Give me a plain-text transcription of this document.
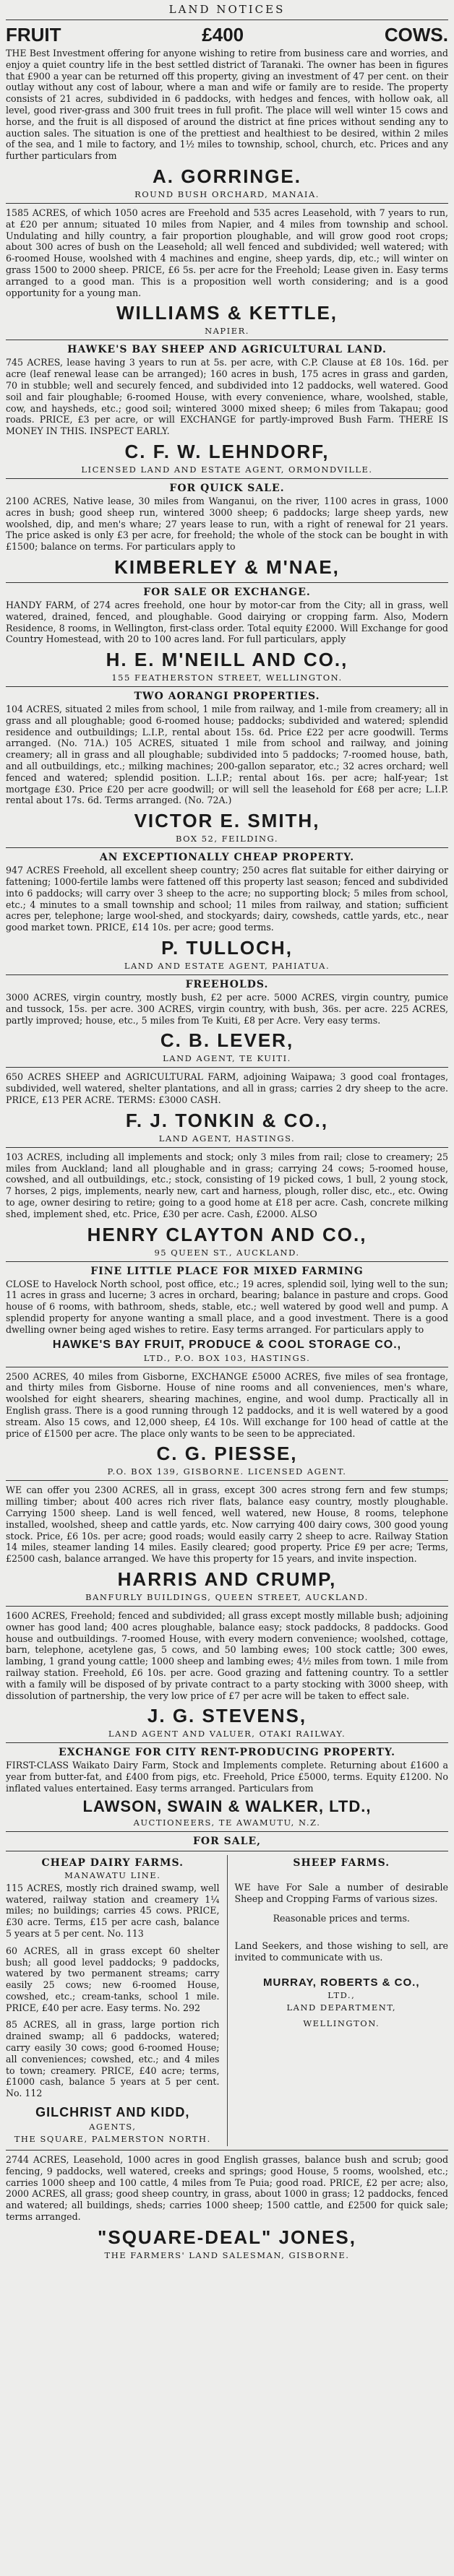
LAND NOTICES
FRUIT	£400	COWS.

THE Best Investment offering for anyone wishing to retire from business care and worries, and enjoy a quiet country life in the best settled district of Taranaki. The owner has been in figures that £900 a year can be returned off this property, giving an investment of 47 per cent. on their outlay without any cost of labour, where a man and wife or family are to reside. The property consists of 21 acres, subdivided in 6 paddocks, with hedges and fences, with hollow oak, all level, good river-grass and 300 fruit trees in full profit. The place will well winter 15 cows and horse, and the fruit is all disposed of around the district at fine prices without sending any to auction sales. The situation is one of the prettiest and healthiest to be desired, within 2 miles of the sea, and 1 mile to factory, and 1½ miles to township, school, church, etc. Prices and any further particulars from

A. GORRINGE.
ROUND BUSH ORCHARD, MANAIA.

1585 ACRES, of which 1050 acres are Freehold and 535 acres Leasehold, with 7 years to run, at £20 per annum; situated 10 miles from Napier, and 4 miles from township and school. Undulating and hilly country, a fair proportion ploughable, and will grow good root crops; about 300 acres of bush on the Leasehold; all well fenced and subdivided; well watered; with 6-roomed House, woolshed with 4 machines and engine, sheep yards, dip, etc.; will winter on grass 1500 to 2000 sheep. PRICE, £6 5s. per acre for the Freehold; Lease given in. Easy terms arranged to a good man. This is a proposition well worth considering; and is a good opportunity for a young man.

WILLIAMS & KETTLE,
NAPIER.
HAWKE'S BAY SHEEP AND AGRICULTURAL LAND.

745 ACRES, lease having 3 years to run at 5s. per acre, with C.P. Clause at £8 10s. 16d. per acre (leaf renewal lease can be arranged); 160 acres in bush, 175 acres in grass and garden, 70 in stubble; well and securely fenced, and subdivided into 12 paddocks, well watered. Good soil and fair ploughable; 6-roomed House, with every convenience, whare, woolshed, stable, cow, and haysheds, etc.; good soil; wintered 3000 mixed sheep; 6 miles from Takapau; good roads. PRICE, £3 per acre, or will EXCHANGE for partly-improved Bush Farm. THERE IS MONEY IN THIS. INSPECT EARLY.

C. F. W. LEHNDORF,
LICENSED LAND AND ESTATE AGENT, ORMONDVILLE.
FOR QUICK SALE.

2100 ACRES, Native lease, 30 miles from Wanganui, on the river, 1100 acres in grass, 1000 acres in bush; good sheep run, wintered 3000 sheep; 6 paddocks; large sheep yards, new woolshed, dip, and men's whare; 27 years lease to run, with a right of renewal for 21 years. The price asked is only £3 per acre, for freehold; the whole of the stock can be bought in with £1500; balance on terms. For particulars apply to

KIMBERLEY & M'NAE,
FOR SALE OR EXCHANGE.

HANDY FARM, of 274 acres freehold, one hour by motor-car from the City; all in grass, well watered, drained, fenced, and ploughable. Good dairying or cropping farm. Also, Modern Residence, 8 rooms, in Wellington, first-class order. Total equity £2000. Will Exchange for good Country Homestead, with 20 to 100 acres land. For full particulars, apply

H. E. M'NEILL AND CO.,
155 FEATHERSTON STREET, WELLINGTON.
TWO AORANGI PROPERTIES.

104 ACRES, situated 2 miles from school, 1 mile from railway, and 1-mile from creamery; all in grass and all ploughable; good 6-roomed house; paddocks; subdivided and watered; splendid residence and outbuildings; L.I.P., rental about 15s. 6d. Price £22 per acre goodwill. Terms arranged. (No. 71A.) 105 ACRES, situated 1 mile from school and railway, and joining creamery; all in grass and all ploughable; subdivided into 5 paddocks; 7-roomed house, bath, and all outbuildings, etc.; milking machines; 200-gallon separator, etc.; 32 acres orchard; well fenced and watered; splendid position. L.I.P.; rental about 16s. per acre; half-year; 1st mortgage £30. Price £20 per acre goodwill; or will sell the leasehold for £68 per acre; L.I.P. rental about 17s. 6d. Terms arranged. (No. 72A.)

VICTOR E. SMITH,
BOX 52, FEILDING.
AN EXCEPTIONALLY CHEAP PROPERTY.

947 ACRES Freehold, all excellent sheep country; 250 acres flat suitable for either dairying or fattening; 1000-fertile lambs were fattened off this property last season; fenced and subdivided into 6 paddocks; will carry over 3 sheep to the acre; no supporting block; 5 miles from school, etc.; 4 minutes to a small township and school; 11 miles from railway, and station; sufficient acres per, telephone; large wool-shed, and stockyards; dairy, cowsheds, cattle yards, etc., near good market town. PRICE, £14 10s. per acre; good terms.

P. TULLOCH,
LAND AND ESTATE AGENT, PAHIATUA.
FREEHOLDS.

3000 ACRES, virgin country, mostly bush, £2 per acre. 5000 ACRES, virgin country, pumice and tussock, 15s. per acre. 300 ACRES, virgin country, with bush, 36s. per acre. 225 ACRES, partly improved; house, etc., 5 miles from Te Kuiti, £8 per Acre. Very easy terms.

C. B. LEVER,
LAND AGENT, TE KUITI.

650 ACRES SHEEP and AGRICULTURAL FARM, adjoining Waipawa; 3 good coal frontages, subdivided, well watered, shelter plantations, and all in grass; carries 2 dry sheep to the acre. PRICE, £13 PER ACRE. TERMS: £3000 CASH.

F. J. TONKIN & CO.,
LAND AGENT, HASTINGS.

103 ACRES, including all implements and stock; only 3 miles from rail; close to creamery; 25 miles from Auckland; land all ploughable and in grass; carrying 24 cows; 5-roomed house, cowshed, and all outbuildings, etc.; stock, consisting of 19 picked cows, 1 bull, 2 young stock, 7 horses, 2 pigs, implements, nearly new, cart and harness, plough, roller disc, etc., etc. Owing to age, owner desiring to retire; going to a good home at £18 per acre. Cash, concrete milking shed, implement shed, etc. Price, £30 per acre. Cash, £2000. ALSO

HENRY CLAYTON AND CO.,
95 QUEEN ST., AUCKLAND.
FINE LITTLE PLACE FOR MIXED FARMING

CLOSE to Havelock North school, post office, etc.; 19 acres, splendid soil, lying well to the sun; 11 acres in grass and lucerne; 3 acres in orchard, bearing; balance in pasture and crops. Good house of 6 rooms, with bathroom, sheds, stable, etc.; well watered by good well and pump. A splendid property for anyone wanting a small place, and a good investment. There is a good dwelling owner being aged wishes to retire. Easy terms arranged. For particulars apply to

HAWKE'S BAY FRUIT, PRODUCE & COOL STORAGE CO.,
LTD., P.O. BOX 103, HASTINGS.

2500 ACRES, 40 miles from Gisborne, EXCHANGE £5000 ACRES, five miles of sea frontage, and thirty miles from Gisborne. House of nine rooms and all conveniences, men's whare, woolshed for eight shearers, shearing machines, engine, and wool dump. Practically all in English grass. There is a good running through 12 paddocks, and it is well watered by a good stream. Also 15 cows, and 12,000 sheep, £4 10s. Will exchange for 100 head of cattle at the price of £1500 per acre. The place only wants to be seen to be appreciated.

C. G. PIESSE,
P.O. BOX 139, GISBORNE. LICENSED AGENT.

WE can offer you 2300 ACRES, all in grass, except 300 acres strong fern and few stumps; milling timber; about 400 acres rich river flats, balance easy country, mostly ploughable. Carrying 1500 sheep. Land is well fenced, well watered, new House, 8 rooms, telephone installed, woolshed, sheep and cattle yards, etc. Now carrying 400 dairy cows, 300 good young stock. Price, £6 10s. per acre; good roads; would easily carry 2 sheep to acre. Railway Station 14 miles, steamer landing 14 miles. Easily cleared; good property. Price £9 per acre; Terms, £2500 cash, balance arranged. We have this property for 15 years, and invite inspection.

HARRIS AND CRUMP,
BANFURLY BUILDINGS, QUEEN STREET, AUCKLAND.

1600 ACRES, Freehold; fenced and subdivided; all grass except mostly millable bush; adjoining owner has good land; 400 acres ploughable, balance easy; stock paddocks, 8 paddocks. Good house and outbuildings. 7-roomed House, with every modern convenience; woolshed, cottage, barn, telephone, acetylene gas, 5 cows, and 50 lambing ewes; 100 stock cattle; 300 ewes, lambing, 1 grand young cattle; 1000 sheep and lambing ewes; 4½ miles from town. 1 mile from railway station. Freehold, £6 10s. per acre. Good grazing and fattening country. To a settler with a family will be disposed of by private contract to a party stocking with 3000 sheep, with dissolution of partnership, the very low price of £7 per acre will be taken to effect sale.

J. G. STEVENS,
LAND AGENT AND VALUER, OTAKI RAILWAY.
EXCHANGE FOR CITY RENT-PRODUCING PROPERTY.

FIRST-CLASS Waikato Dairy Farm, Stock and Implements complete. Returning about £1600 a year from butter-fat, and £400 from pigs, etc. Freehold, Price £5000, terms. Equity £1200. No inflated values entertained. Easy terms arranged. Particulars from

LAWSON, SWAIN & WALKER, LTD.,
AUCTIONEERS, TE AWAMUTU, N.Z.
FOR SALE,
CHEAP DAIRY FARMS.
MANAWATU LINE.

115 ACRES, mostly rich drained swamp, well watered, railway station and creamery 1¼ miles; no buildings; carries 45 cows. PRICE, £30 acre. Terms, £15 per acre cash, balance 5 years at 5 per cent. No. 113

60 ACRES, all in grass except 60 shelter bush; all good level paddocks; 9 paddocks, watered by two permanent streams; carry easily 25 cows; new 6-roomed House, cowshed, etc.; cream-tanks, school 1 mile. PRICE, £40 per acre. Easy terms. No. 292

85 ACRES, all in grass, large portion rich drained swamp; all 6 paddocks, watered; carry easily 30 cows; good 6-roomed House; all conveniences; cowshed, etc.; and 4 miles to town; creamery. PRICE, £40 acre; terms, £1000 cash, balance 5 years at 5 per cent. No. 112

GILCHRIST AND KIDD,
AGENTS,
THE SQUARE, PALMERSTON NORTH.
SHEEP FARMS.

WE have For Sale a number of desirable Sheep and Cropping Farms of various sizes.

Reasonable prices and terms.

Land Seekers, and those wishing to sell, are invited to communicate with us.

MURRAY, ROBERTS & CO.,
LTD.,
LAND DEPARTMENT,
WELLINGTON.

2744 ACRES, Leasehold, 1000 acres in good English grasses, balance bush and scrub; good fencing, 9 paddocks, well watered, creeks and springs; good House, 5 rooms, woolshed, etc.; carries 1000 sheep and 100 cattle, 4 miles from Te Puia; good road. PRICE, £2 per acre; also, 2000 ACRES, all grass; good sheep country, in grass, about 1000 in grass; 12 paddocks, fenced and watered; all buildings, sheds; carries 1000 sheep; 1500 cattle, and £2500 for quick sale; terms arranged.

"SQUARE-DEAL" JONES,
THE FARMERS' LAND SALESMAN, GISBORNE.
